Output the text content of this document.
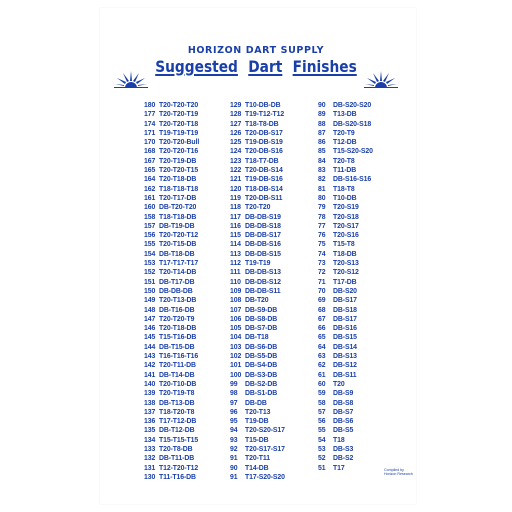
HORIZON DART SUPPLY
Suggested Dart Finishes
180 T20-T20-T20
177 T20-T20-T19
174 T20-T20-T18
171 T19-T19-T19
170 T20-T20-Bull
168 T20-T20-T16
167 T20-T19-DB
165 T20-T20-T15
164 T20-T18-DB
162 T18-T18-T18
161 T20-T17-DB
160 DB-T20-T20
158 T18-T18-DB
157 DB-T19-DB
156 T20-T20-T12
155 T20-T15-DB
154 DB-T18-DB
153 T17-T17-T17
152 T20-T14-DB
151 DB-T17-DB
150 DB-DB-DB
149 T20-T13-DB
148 DB-T16-DB
147 T20-T20-T9
146 T20-T18-DB
145 T15-T16-DB
144 DB-T15-DB
143 T16-T16-T16
142 T20-T11-DB
141 DB-T14-DB
140 T20-T10-DB
139 T20-T19-T8
138 DB-T13-DB
137 T18-T20-T8
136 T17-T12-DB
135 DB-T12-DB
134 T15-T15-T15
133 T20-T8-DB
132 DB-T11-DB
131 T12-T20-T12
130 T11-T16-DB
129 T10-DB-DB
128 T19-T12-T12
127 T18-T8-DB
126 T20-DB-S17
125 T19-DB-S19
124 T20-DB-S16
123 T18-T7-DB
122 T20-DB-S14
121 T19-DB-S16
120 T18-DB-S14
119 T20-DB-S11
118 T20-T20
117 DB-DB-S19
116 DB-DB-S18
115 DB-DB-S17
114 DB-DB-S16
113 DB-DB-S15
112 T19-T19
111 DB-DB-S13
110 DB-DB-S12
109 DB-DB-S11
108 DB-T20
107 DB-S9-DB
106 DB-S8-DB
105 DB-S7-DB
104 DB-T18
103 DB-S6-DB
102 DB-S5-DB
101 DB-S4-DB
100 DB-S3-DB
99 DB-S2-DB
98 DB-S1-DB
97 DB-DB
96 T20-T13
95 T19-DB
94 T20-S20-S17
93 T15-DB
92 T20-S17-S17
91 T20-T11
90 T14-DB
91 T17-S20-S20
90 DB-S20-S20
89 T13-DB
88 DB-S20-S18
87 T20-T9
86 T12-DB
85 T15-S20-S20
84 T20-T8
83 T11-DB
82 DB-S16-S16
81 T18-T8
80 T10-DB
79 T20-S19
78 T20-S18
77 T20-S17
76 T20-S16
75 T15-T8
74 T18-DB
73 T20-S13
72 T20-S12
71 T17-DB
70 DB-S20
69 DB-S17
68 DB-S18
67 DB-S17
66 DB-S16
65 DB-S15
64 DB-S14
63 DB-S13
62 DB-S12
61 DB-S11
60 T20
59 DB-S9
58 DB-S8
57 DB-S7
56 DB-S6
55 DB-S5
54 T18
53 DB-S3
52 DB-S2
51 T17	Compiled by
Horizon Research
